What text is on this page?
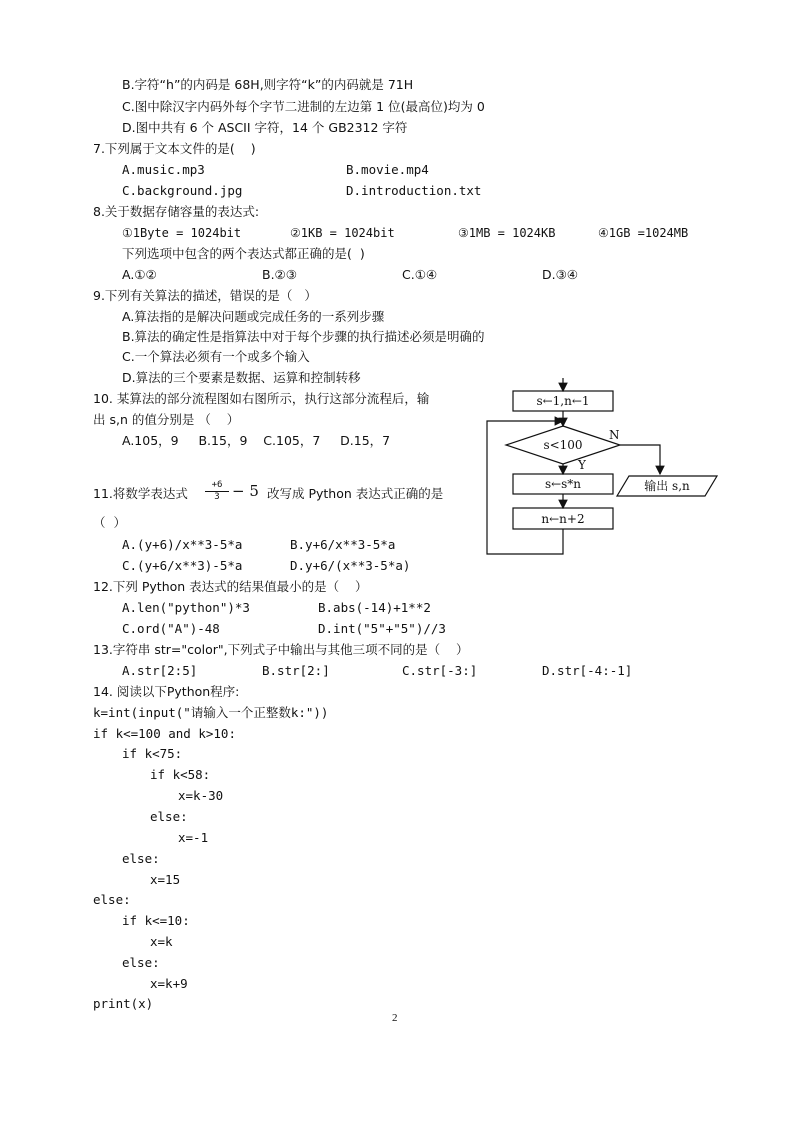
B.字符“h”的内码是 68H,则字符“k”的内码就是 71H
C.图中除汉字内码外每个字节二进制的左边第 1 位(最高位)均为 0
D.图中共有 6 个 ASCII 字符，14 个 GB2312 字符
7.下列属于文本文件的是(    )
A.music.mp3	B.movie.mp4
C.background.jpg	D.introduction.txt
8.关于数据存储容量的表达式:
①1Byte = 1024bit	②1KB = 1024bit	③1MB = 1024KB	④1GB =1024MB
下列选项中包含的两个表达式都正确的是(  )
A.①②	B.②③	C.①④	D.③④
9.下列有关算法的描述，错误的是（   ）
A.算法指的是解决问题或完成任务的一系列步骤
B.算法的确定性是指算法中对于每个步骤的执行描述必须是明确的
C.一个算法必须有一个或多个输入
D.算法的三个要素是数据、运算和控制转移
10. 某算法的部分流程图如右图所示，执行这部分流程后，输
出 s,n 的值分别是 （    ）
A.105，9     B.15，9    C.105，7     D.15，7
11.将数学表达式 $\frac{+6}{3} - 5$ 改写成 Python 表达式正确的是
（  ）
A.(y+6)/x**3-5*a	B.y+6/x**3-5*a
C.(y+6/x**3)-5*a	D.y+6/(x**3-5*a)
12.下列 Python 表达式的结果值最小的是（    ）
A.len("python")*3	B.abs(-14)+1**2
C.ord("A")-48	D.int("5"+"5")//3
13.字符串 str="color",下列式子中输出与其他三项不同的是（    ）
A.str[2:5]	B.str[2:]	C.str[-3:]	D.str[-4:-1]
14. 阅读以下Python程序:
k=int(input("请输入一个正整数k:"))
if k<=100 and k>10:
if k<75:
if k<58:
x=k-30
else:
x=-1
else:
x=15
else:
if k<=10:
x=k
else:
x=k+9
print(x)
s←1,n←1
s<100
N
Y
s←s*n
n←n+2
输出 s,n
2
